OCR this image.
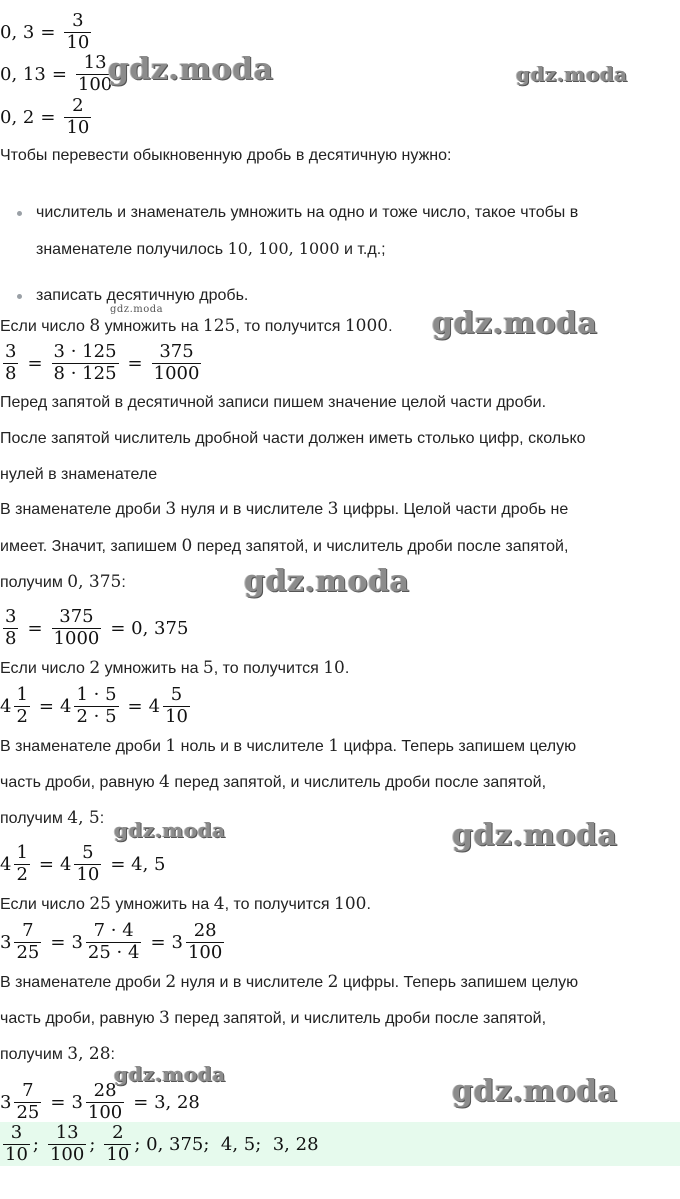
0, $3 = \frac{3}{10}$
0, $13 = \frac{13}{100}$
0, $2 = \frac{2}{10}$
Чтобы перевести обыкновенную дробь в десятичную нужно:
числитель и знаменатель умножить на одно и тоже число, такое чтобы в
знаменателе получилось 10, 100, 1000 и т.д.;
записать десятичную дробь.
Если число 8 умножить на 125, то получится 1000.
$\frac{3}{8} = \frac{3 \cdot 125}{8 \cdot 125} = \frac{375}{1000}$
Перед запятой в десятичной записи пишем значение целой части дроби.
После запятой числитель дробной части должен иметь столько цифр, сколько
нулей в знаменателе
В знаменателе дроби 3 нуля и в числителе 3 цифры. Целой части дробь не
имеет. Значит, запишем 0 перед запятой, и числитель дроби после запятой,
получим 0, 375:
$\frac{3}{8} = \frac{375}{1000} = 0$, 375
Если число 2 умножить на 5, то получится 10.
$4 \frac{1}{2} = 4 \frac{1 \cdot 5}{2 \cdot 5} = 4 \frac{5}{10}$
В знаменателе дроби 1 ноль и в числителе 1 цифра. Теперь запишем целую
часть дроби, равную 4 перед запятой, и числитель дроби после запятой,
получим 4, 5:
$4 \frac{1}{2} = 4 \frac{5}{10} = 4$, 5
Если число 25 умножить на 4, то получится 100.
$3 \frac{7}{25} = 3 \frac{7 \cdot 4}{25 \cdot 4} = 3 \frac{28}{100}$
В знаменателе дроби 2 нуля и в числителе 2 цифры. Теперь запишем целую
часть дроби, равную 3 перед запятой, и числитель дроби после запятой,
получим 3, 28:
$3 \frac{7}{25} = 3 \frac{28}{100} = 3$, 28
$\frac{3}{10}$ ; $\frac{13}{100}$ ; $\frac{2}{10}$ ; 0, 375;  4, 5;  3, 28
gdz.moda	gdz.moda
gdz.moda	gdz.moda
gdz.moda
gdz.moda	gdz.moda
gdz.moda	gdz.moda
